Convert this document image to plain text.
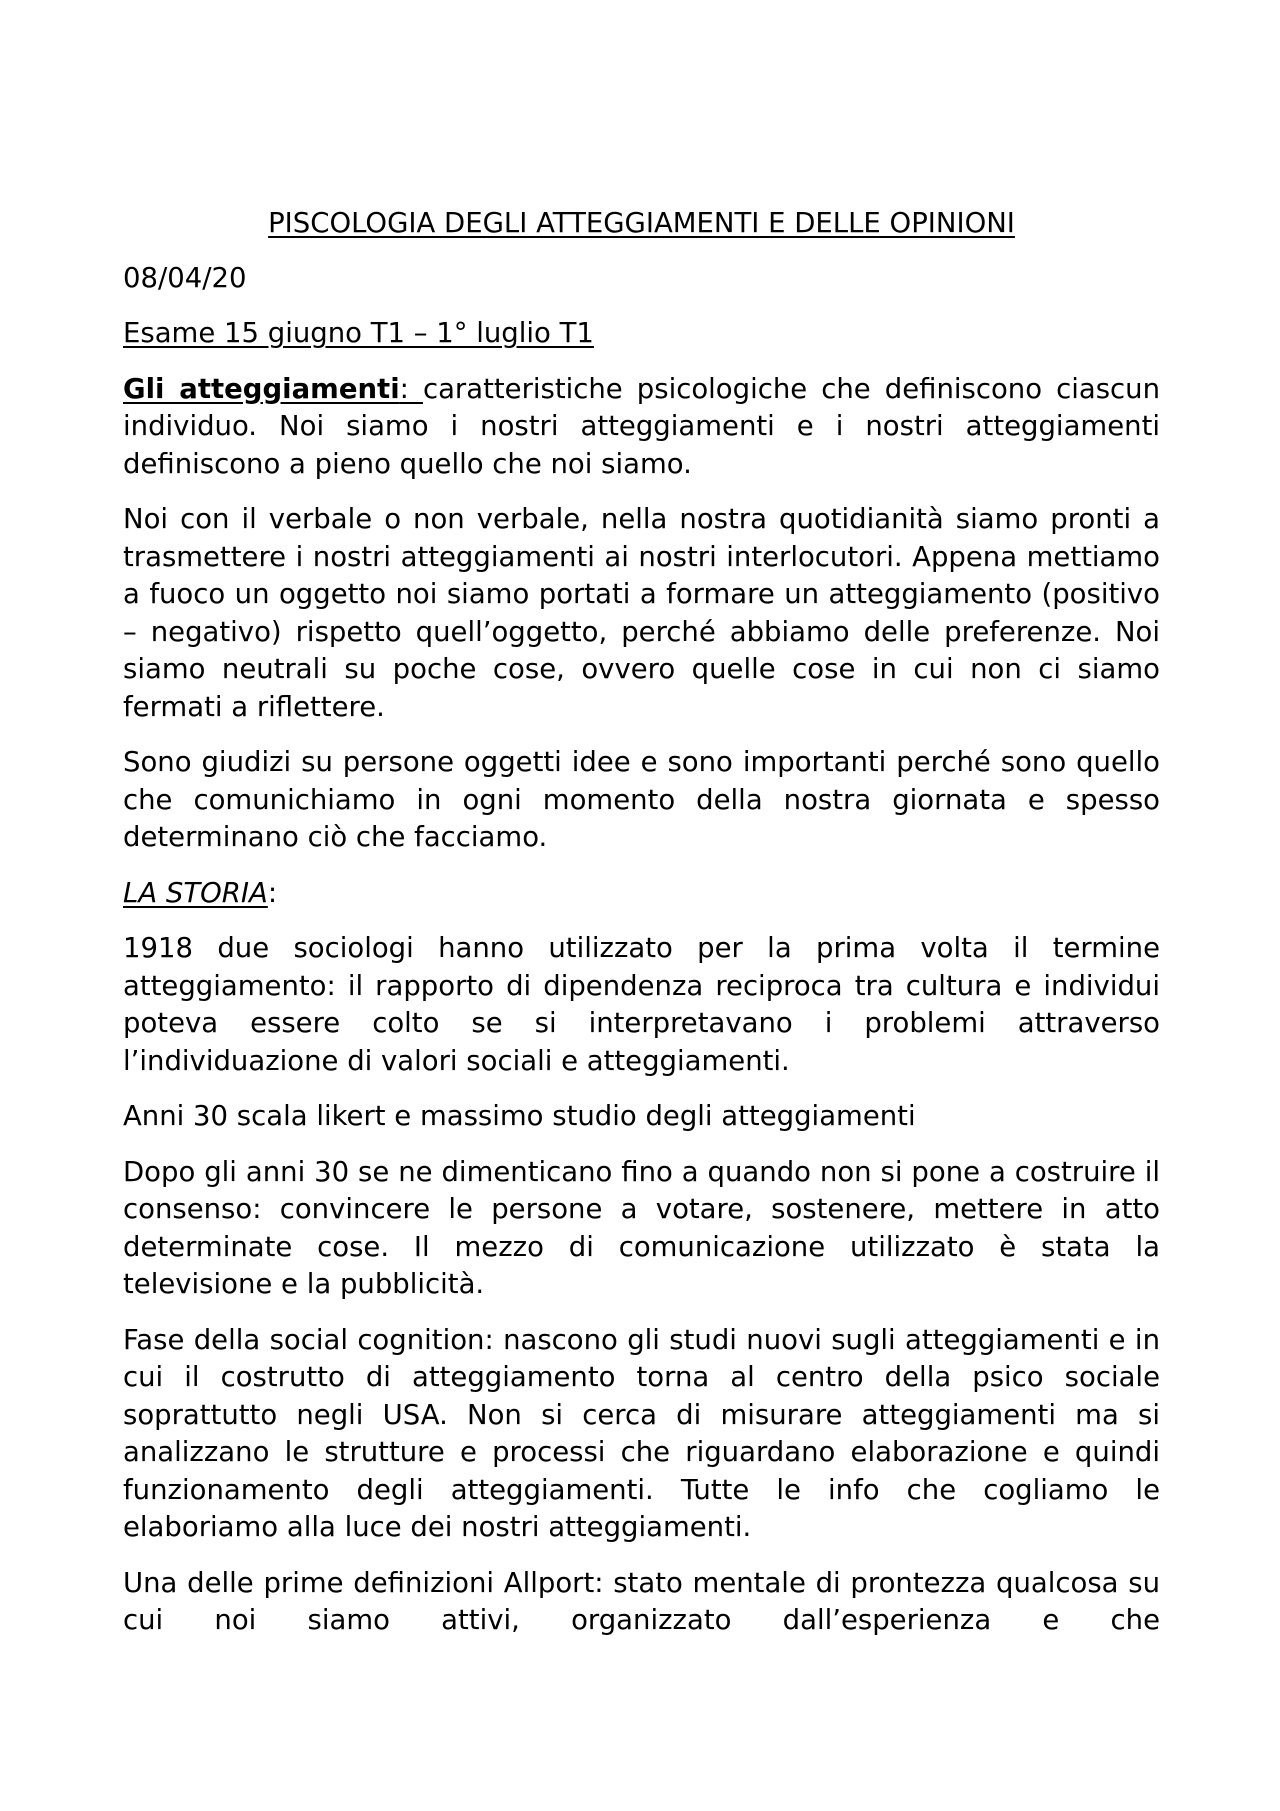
PISCOLOGIA DEGLI ATTEGGIAMENTI E DELLE OPINIONI
08/04/20
Esame 15 giugno T1 – 1° luglio T1

Gli atteggiamenti: caratteristiche psicologiche che definiscono ciascun individuo. Noi siamo i nostri atteggiamenti e i nostri atteggiamenti definiscono a pieno quello che noi siamo.

Noi con il verbale o non verbale, nella nostra quotidianità siamo pronti a trasmettere i nostri atteggiamenti ai nostri interlocutori. Appena mettiamo a fuoco un oggetto noi siamo portati a formare un atteggiamento (positivo – negativo) rispetto quell’oggetto, perché abbiamo delle preferenze. Noi siamo neutrali su poche cose, ovvero quelle cose in cui non ci siamo fermati a riflettere.

Sono giudizi su persone oggetti idee e sono importanti perché sono quello che comunichiamo in ogni momento della nostra giornata e spesso determinano ciò che facciamo.

LA STORIA:

1918 due sociologi hanno utilizzato per la prima volta il termine atteggiamento: il rapporto di dipendenza reciproca tra cultura e individui poteva essere colto se si interpretavano i problemi attraverso l’individuazione di valori sociali e atteggiamenti.

Anni 30 scala likert e massimo studio degli atteggiamenti

Dopo gli anni 30 se ne dimenticano fino a quando non si pone a costruire il consenso: convincere le persone a votare, sostenere, mettere in atto determinate cose. Il mezzo di comunicazione utilizzato è stata la televisione e la pubblicità.

Fase della social cognition: nascono gli studi nuovi sugli atteggiamenti e in cui il costrutto di atteggiamento torna al centro della psico sociale soprattutto negli USA. Non si cerca di misurare atteggiamenti ma si analizzano le strutture e processi che riguardano elaborazione e quindi funzionamento degli atteggiamenti. Tutte le info che cogliamo le elaboriamo alla luce dei nostri atteggiamenti.

Una delle prime definizioni Allport: stato mentale di prontezza qualcosa su cui noi siamo attivi, organizzato dall’esperienza e che
